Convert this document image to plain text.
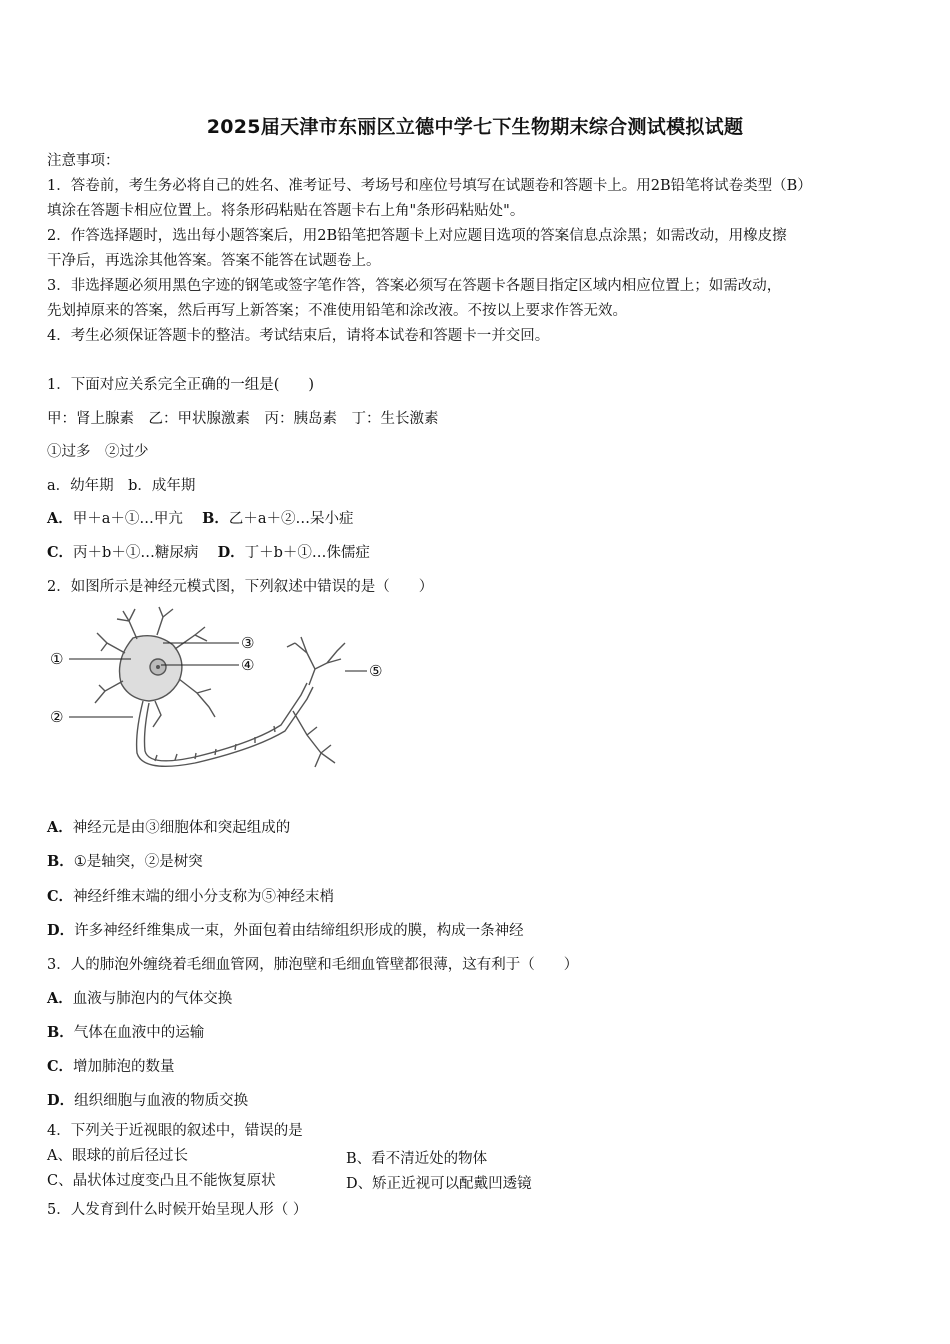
2025届天津市东丽区立德中学七下生物期末综合测试模拟试题
注意事项：
1．答卷前，考生务必将自己的姓名、准考证号、考场号和座位号填写在试题卷和答题卡上。用2B铅笔将试卷类型（B）
填涂在答题卡相应位置上。将条形码粘贴在答题卡右上角"条形码粘贴处"。
2．作答选择题时，选出每小题答案后，用2B铅笔把答题卡上对应题目选项的答案信息点涂黑；如需改动，用橡皮擦
干净后，再选涂其他答案。答案不能答在试题卷上。
3．非选择题必须用黑色字迹的钢笔或签字笔作答，答案必须写在答题卡各题目指定区域内相应位置上；如需改动，
先划掉原来的答案，然后再写上新答案；不准使用铅笔和涂改液。不按以上要求作答无效。
4．考生必须保证答题卡的整洁。考试结束后，请将本试卷和答题卡一并交回。
1．下面对应关系完全正确的一组是(　　)
甲：肾上腺素　乙：甲状腺激素　丙：胰岛素　丁：生长激素
①过多　②过少
a．幼年期　b．成年期
A．甲＋a＋①…甲亢 B．乙＋a＋②…呆小症
C．丙＋b＋①…糖尿病 D．丁＋b＋①…侏儒症
2．如图所示是神经元模式图，下列叙述中错误的是（　　）
①
②
③
④	⑤
A．神经元是由③细胞体和突起组成的
B．①是轴突，②是树突
C．神经纤维末端的细小分支称为⑤神经末梢
D．许多神经纤维集成一束，外面包着由结缔组织形成的膜，构成一条神经
3．人的肺泡外缠绕着毛细血管网，肺泡壁和毛细血管壁都很薄，这有利于（　　）
A．血液与肺泡内的气体交换
B．气体在血液中的运输
C．增加肺泡的数量
D．组织细胞与血液的物质交换
4．下列关于近视眼的叙述中，错误的是
A、眼球的前后径过长	B、看不清近处的物体
C、晶状体过度变凸且不能恢复原状	D、矫正近视可以配戴凹透镜
5．人发育到什么时候开始呈现人形（ ）
